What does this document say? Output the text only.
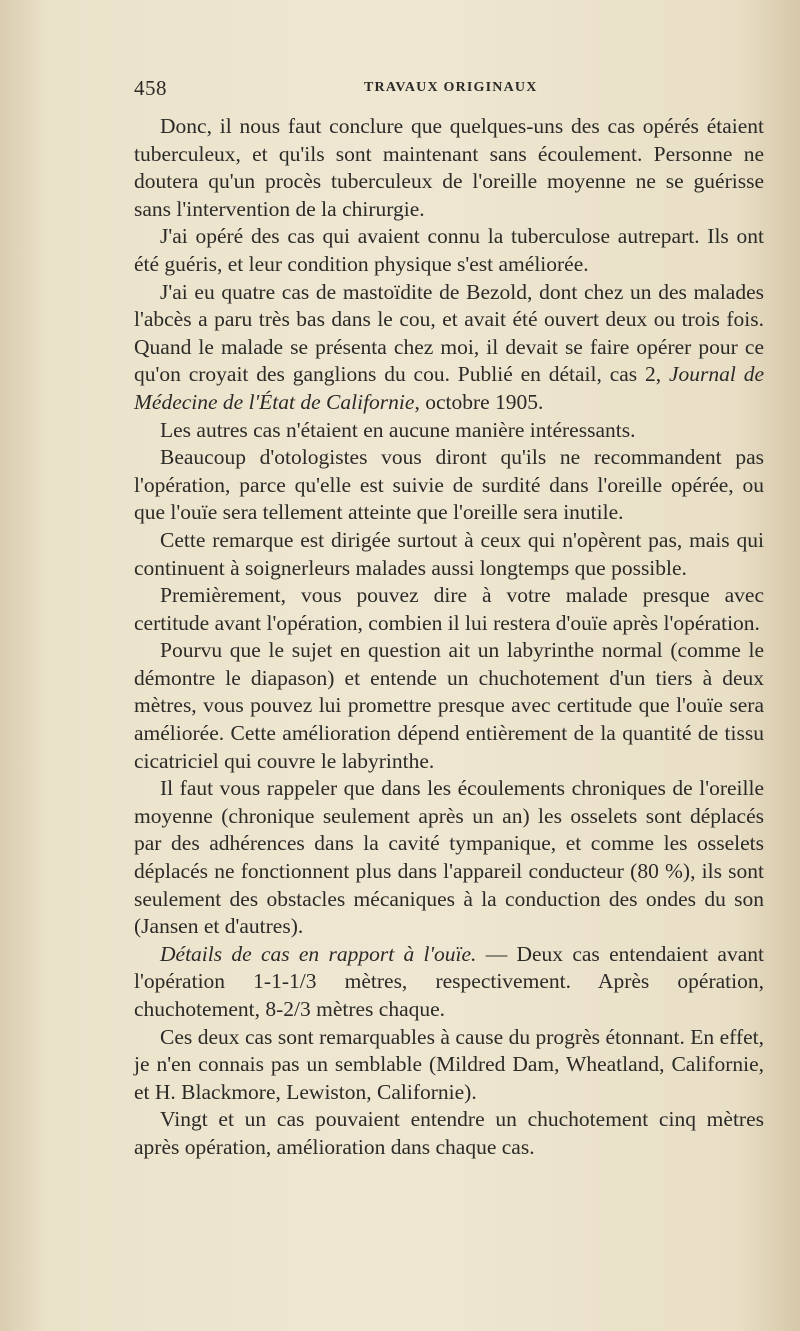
458	TRAVAUX ORIGINAUX

Donc, il nous faut conclure que quelques-uns des cas opérés étaient tuberculeux, et qu'ils sont maintenant sans écoulement. Personne ne doutera qu'un procès tuberculeux de l'oreille moyenne ne se guérisse sans l'intervention de la chirurgie.

J'ai opéré des cas qui avaient connu la tuberculose autrepart. Ils ont été guéris, et leur condition physique s'est améliorée.

J'ai eu quatre cas de mastoïdite de Bezold, dont chez un des malades l'abcès a paru très bas dans le cou, et avait été ouvert deux ou trois fois. Quand le malade se présenta chez moi, il devait se faire opérer pour ce qu'on croyait des ganglions du cou. Publié en détail, cas 2, Journal de Médecine de l'État de Californie, octobre 1905.

Les autres cas n'étaient en aucune manière intéressants.

Beaucoup d'otologistes vous diront qu'ils ne recommandent pas l'opération, parce qu'elle est suivie de surdité dans l'oreille opérée, ou que l'ouïe sera tellement atteinte que l'oreille sera inutile.

Cette remarque est dirigée surtout à ceux qui n'opèrent pas, mais qui continuent à soignerleurs malades aussi longtemps que possible.

Premièrement, vous pouvez dire à votre malade presque avec certitude avant l'opération, combien il lui restera d'ouïe après l'opération.

Pourvu que le sujet en question ait un labyrinthe normal (comme le démontre le diapason) et entende un chuchotement d'un tiers à deux mètres, vous pouvez lui promettre presque avec certitude que l'ouïe sera améliorée. Cette amélioration dépend entièrement de la quantité de tissu cicatriciel qui couvre le labyrinthe.

Il faut vous rappeler que dans les écoulements chroniques de l'oreille moyenne (chronique seulement après un an) les osselets sont déplacés par des adhérences dans la cavité tympanique, et comme les osselets déplacés ne fonctionnent plus dans l'appareil conducteur (80 %), ils sont seulement des obstacles mécaniques à la conduction des ondes du son (Jansen et d'autres).

Détails de cas en rapport à l'ouïe. — Deux cas entendaient avant l'opération 1-1-1/3 mètres, respectivement. Après opération, chuchotement, 8-2/3 mètres chaque.

Ces deux cas sont remarquables à cause du progrès étonnant. En effet, je n'en connais pas un semblable (Mildred Dam, Wheatland, Californie, et H. Blackmore, Lewiston, Californie).

Vingt et un cas pouvaient entendre un chuchotement cinq mètres après opération, amélioration dans chaque cas.
